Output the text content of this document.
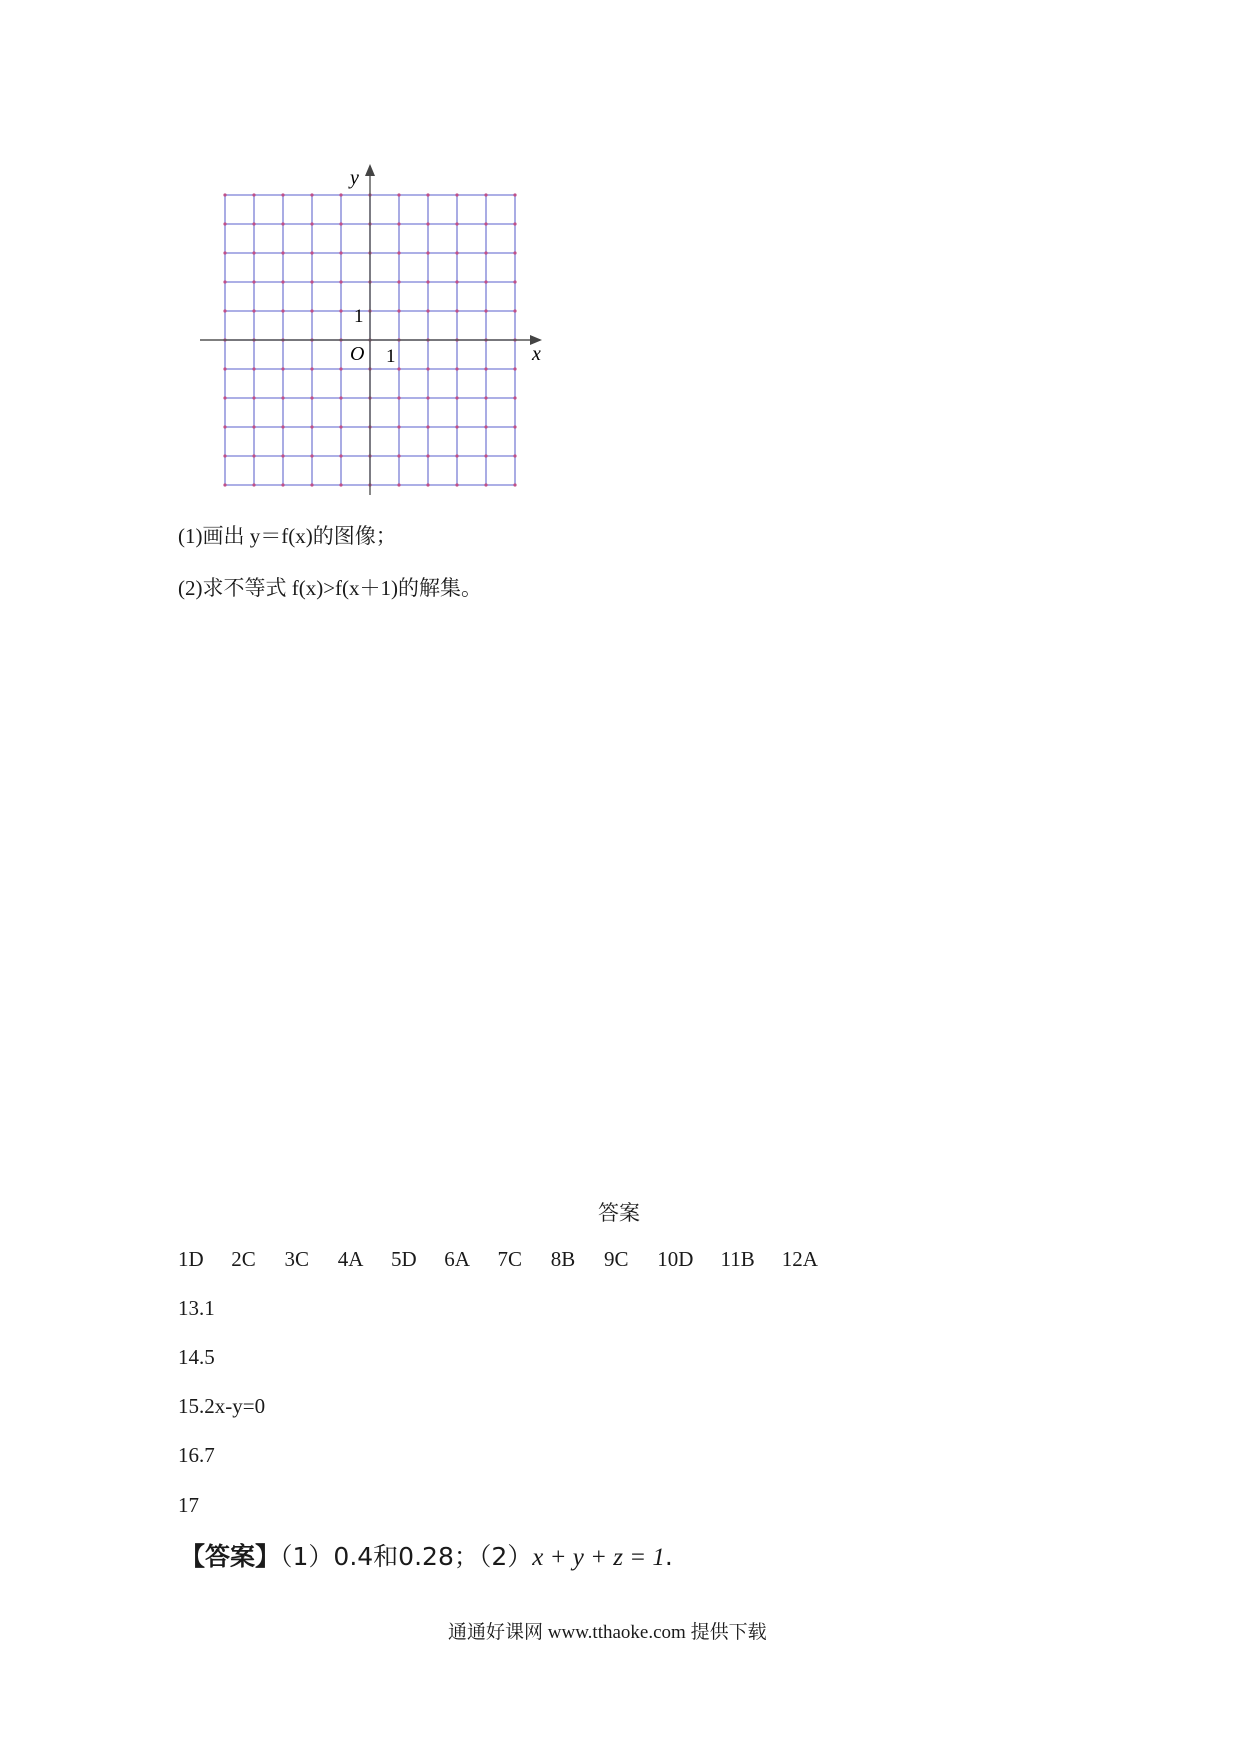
y
x
O 1
1
(1)画出 y＝f(x)的图像；
(2)求不等式 f(x)>f(x＋1)的解集。
答案
1D 2C 3C 4A 5D 6A 7C 8B 9C 10D 11B 12A
13.1
14.5
15.2x-y=0
16.7
17
【答案】（1）0.4和0.28；（2）x + y + z = 1.
通通好课网 www.tthaoke.com 提供下载
